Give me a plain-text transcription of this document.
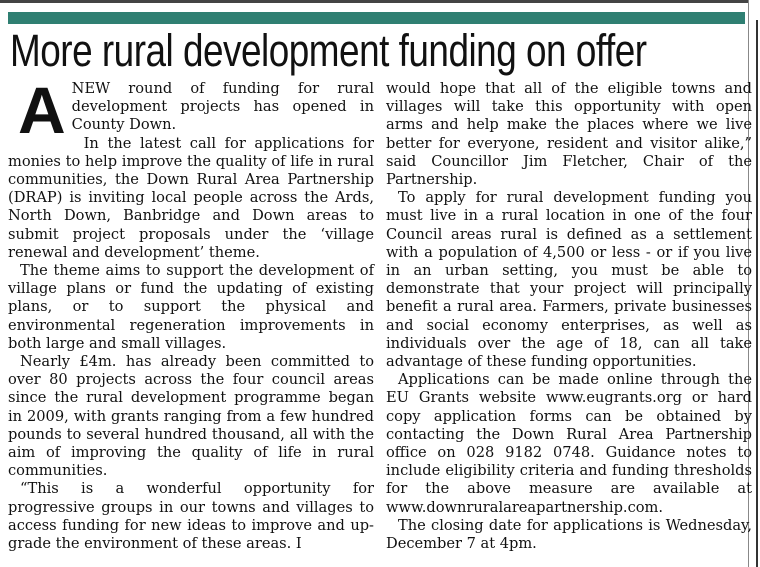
More rural development funding on offer

ANEW round of funding for rural development projects has opened in County Down.

In the latest call for applications for monies to help improve the quality of life in rural communities, the Down Rural Area Partnership (DRAP) is inviting local people across the Ards, North Down, Banbridge and Down areas to submit project proposals under the ‘village renewal and development’ theme.

The theme aims to support the development of village plans or fund the updating of existing plans, or to support the physical and environmental regeneration improvements in both large and small villages.

Nearly £4m. has already been committed to over 80 projects across the four council areas since the rural development programme began in 2009, with grants ranging from a few hundred pounds to several hundred thousand, all with the aim of improving the quality of life in rural communities.

“This is a wonderful opportunity for progressive groups in our towns and villages to access funding for new ideas to improve and up-grade the environment of these areas. I

would hope that all of the eligible towns and villages will take this opportunity with open arms and help make the places where we live better for everyone, resident and visitor alike,” said Councillor Jim Fletcher, Chair of the Partnership.

To apply for rural development funding you must live in a rural location in one of the four Council areas rural is defined as a settlement with a population of 4,500 or less - or if you live in an urban setting, you must be able to demonstrate that your project will principally benefit a rural area. Farmers, private businesses and social economy enterprises, as well as individuals over the age of 18, can all take advantage of these funding opportunities.

Applications can be made online through the EU Grants website www.eugrants.org or hard copy application forms can be obtained by contacting the Down Rural Area Partnership office on 028 9182 0748. Guidance notes to include eligibility criteria and funding thresholds for the above measure are available at www.downruralareapartnership.com.

The closing date for applications is Wednesday, December 7 at 4pm.
